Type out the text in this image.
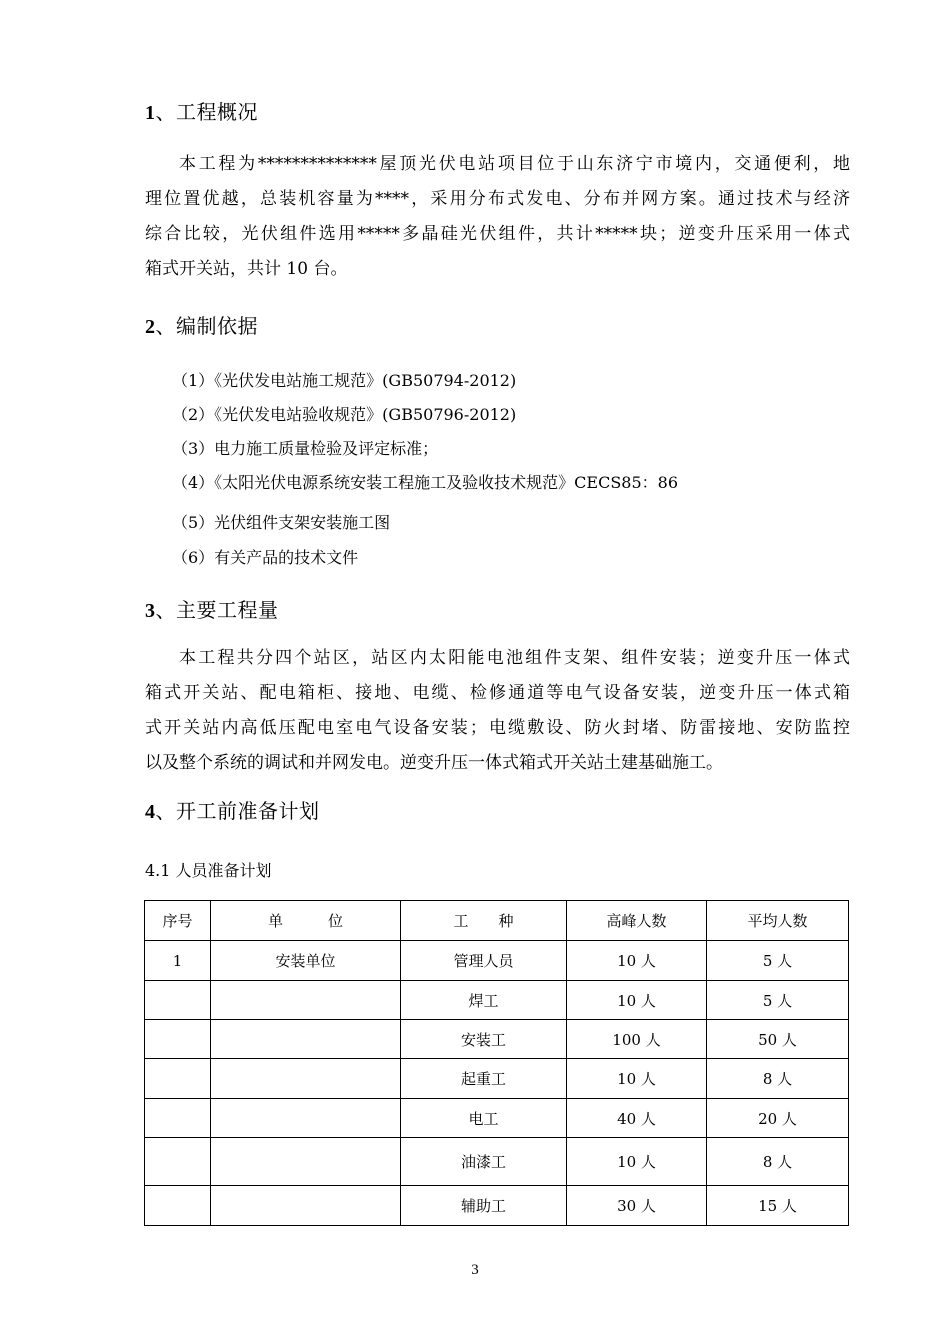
1、工程概况
本工程为**************屋顶光伏电站项目位于山东济宁市境内，交通便利，地
理位置优越，总装机容量为****，采用分布式发电、分布并网方案。通过技术与经济
综合比较，光伏组件选用*****多晶硅光伏组件，共计*****块；逆变升压采用一体式
箱式开关站，共计 10 台。
2、编制依据
（1）《光伏发电站施工规范》(GB50794-2012)
（2）《光伏发电站验收规范》(GB50796-2012)
（3）电力施工质量检验及评定标准；
（4）《太阳光伏电源系统安装工程施工及验收技术规范》CECS85：86
（5）光伏组件支架安装施工图
（6）有关产品的技术文件
3、主要工程量
本工程共分四个站区，站区内太阳能电池组件支架、组件安装；逆变升压一体式
箱式开关站、配电箱柜、接地、电缆、检修通道等电气设备安装，逆变升压一体式箱
式开关站内高低压配电室电气设备安装；电缆敷设、防火封堵、防雷接地、安防监控
以及整个系统的调试和并网发电。逆变升压一体式箱式开关站土建基础施工。
4、开工前准备计划
4.1 人员准备计划
序号	单　　　位	工　　种	高峰人数	平均人数
1	安装单位	管理人员	10 人	5 人
		焊工	10 人	5 人
		安装工	100 人	50 人
		起重工	10 人	8 人
		电工	40 人	20 人
		油漆工	10 人	8 人
		辅助工	30 人	15 人
3
